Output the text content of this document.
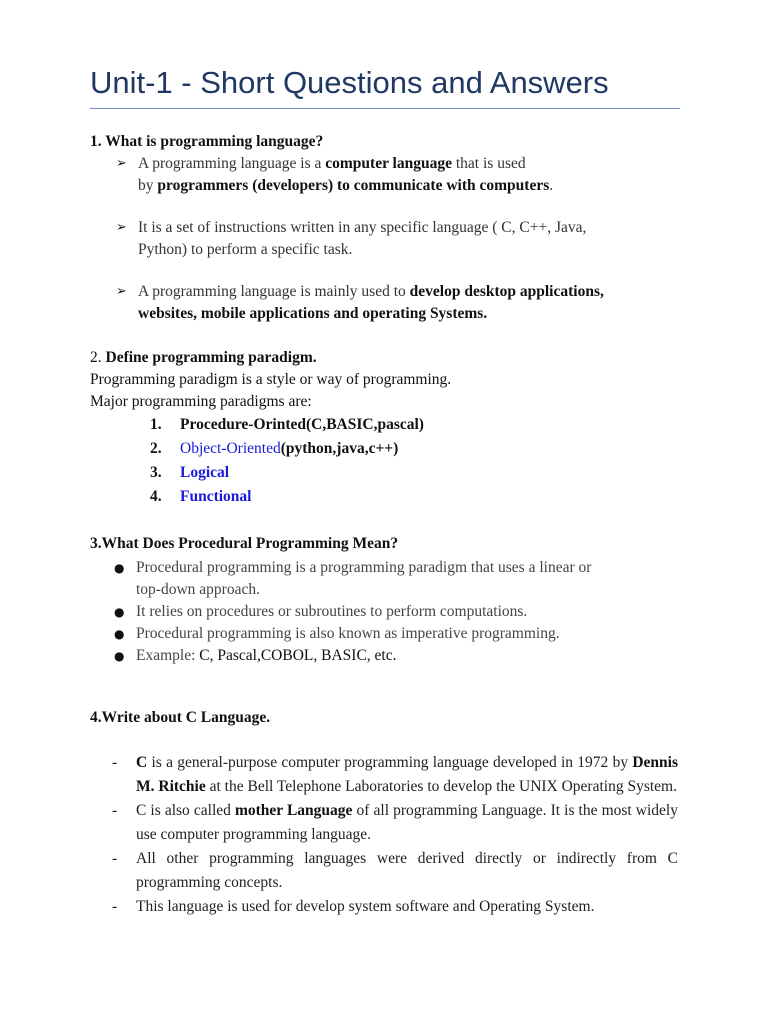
Unit-1 - Short Questions and Answers

1. What is programming language?

➢ A programming language is a computer language that is used
by programmers (developers) to communicate with computers.
➢ It is a set of instructions written in any specific language ( C, C++, Java,
Python) to perform a specific task.
➢ A programming language is mainly used to develop desktop applications,
websites, mobile applications and operating Systems.

2. Define programming paradigm.

Programming paradigm is a style or way of programming.

Major programming paradigms are:

1. Procedure-Orinted(C,BASIC,pascal)
2. Object-Oriented(python,java,c++)
3. Logical
4. Functional

3.What Does Procedural Programming Mean?

● Procedural programming is a programming paradigm that uses a linear or
top-down approach.
● It relies on procedures or subroutines to perform computations.
● Procedural programming is also known as imperative programming.
● Example: C, Pascal,COBOL, BASIC, etc.

4.Write about C Language.

- C is a general-purpose computer programming language developed in 1972 by Dennis M. Ritchie at the Bell Telephone Laboratories to develop the UNIX Operating System.
- C is also called mother Language of all programming Language. It is the most widely use computer programming language.
- All other programming languages were derived directly or indirectly from C programming concepts.
- This language is used for develop system software and Operating System.
